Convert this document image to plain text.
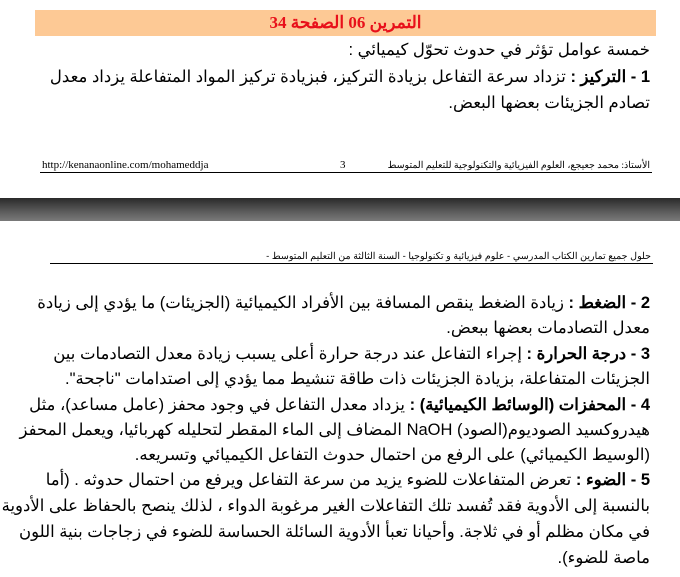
التمرين 06 الصفحة 34
خمسة عوامل تؤثر في حدوث تحوّل كيميائي :
1 - التركيز : تزداد سرعة التفاعل بزيادة التركيز، فبزيادة تركيز المواد المتفاعلة يزداد معدل
تصادم الجزيئات بعضها البعض.
http://kenanaonline.com/mohameddja	3	الأستاذ: محمد جعيجع، العلوم الفيزيائية والتكنولوجية للتعليم المتوسط
حلول جميع تمارين الكتاب المدرسي - علوم فيزيائية و تكنولوجيا - السنة الثالثة من التعليم المتوسط -
2 - الضغط : زيادة الضغط ينقص المسافة بين الأفراد الكيميائية (الجزيئات) ما يؤدي إلى زيادة
معدل التصادمات بعضها ببعض.
3 - درجة الحرارة : إجراء التفاعل عند درجة حرارة أعلى يسبب زيادة معدل التصادمات بين
الجزيئات المتفاعلة، بزيادة الجزيئات ذات طاقة تنشيط مما يؤدي إلى اصتدامات "ناجحة".
4 - المحفزات (الوسائط الكيميائية) : يزداد معدل التفاعل في وجود محفز (عامل مساعد)، مثل
هيدروكسيد الصوديوم(الصود) NaOH المضاف إلى الماء المقطر لتحليله كهربائيا، ويعمل المحفز
(الوسيط الكيميائي) على الرفع من احتمال حدوث التفاعل الكيميائي وتسريعه.
5 - الضوء : تعرض المتفاعلات للضوء يزيد من سرعة التفاعل ويرفع من احتمال حدوثه . (أما
بالنسبة إلى الأدوية فقد تُفسد تلك التفاعلات الغير مرغوبة الدواء ، لذلك ينصح بالحفاظ على الأدوية
في مكان مظلم أو في ثلاجة. وأحيانا تعبأ الأدوية السائلة الحساسة للضوء في زجاجات بنية اللون
ماصة للضوء).
